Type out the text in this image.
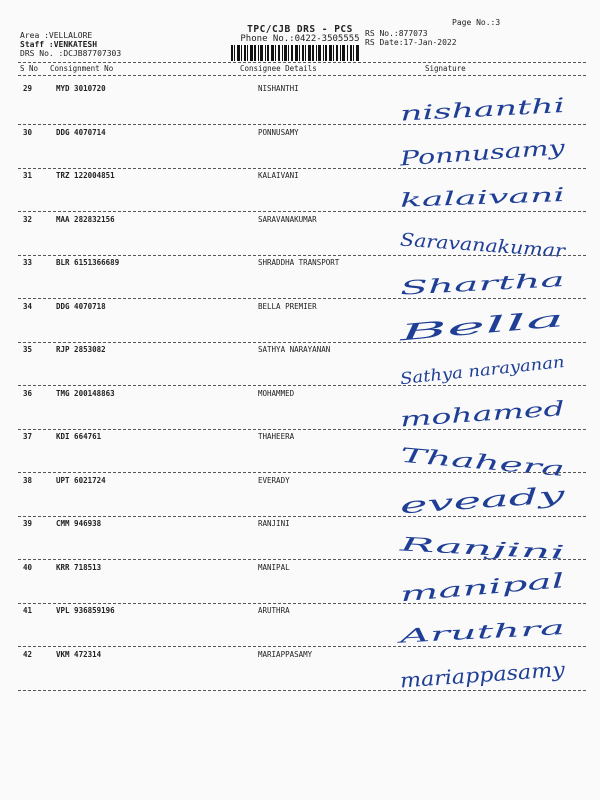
TPC/CJB DRS - PCS
Phone No.:0422-3505555
Page No.:3
Area :VELLALORE
Staff :VENKATESH
DRS No. :DCJB87707303
RS No.:877073
RS Date:17-Jan-2022
S No Consignment No	Consignee Details	Signature
29	MYD 3010720	NISHANTHI
nishanthi
30	DDG 4070714	PONNUSAMY
Ponnusamy
31	TRZ 122004851	KALAIVANI
kalaivani
32	MAA 282832156	SARAVANAKUMAR
Saravanakumar
33	BLR 6151366689	SHRADDHA TRANSPORT
Shartha
34	DDG 4070718	BELLA PREMIER
Bella
35	RJP 2853082	SATHYA NARAYANAN
Sathya narayanan
36	TMG 200148863	MOHAMMED
mohamed
37	KDI 664761	THAHEERA
Thahera
38	UPT 6021724	EVERADY
eveady
39	CMM 946938	RANJINI
Ranjini
40	KRR 718513	MANIPAL
manipal
41	VPL 936859196	ARUTHRA
Aruthra
42	VKM 472314	MARIAPPASAMY
mariappasamy
